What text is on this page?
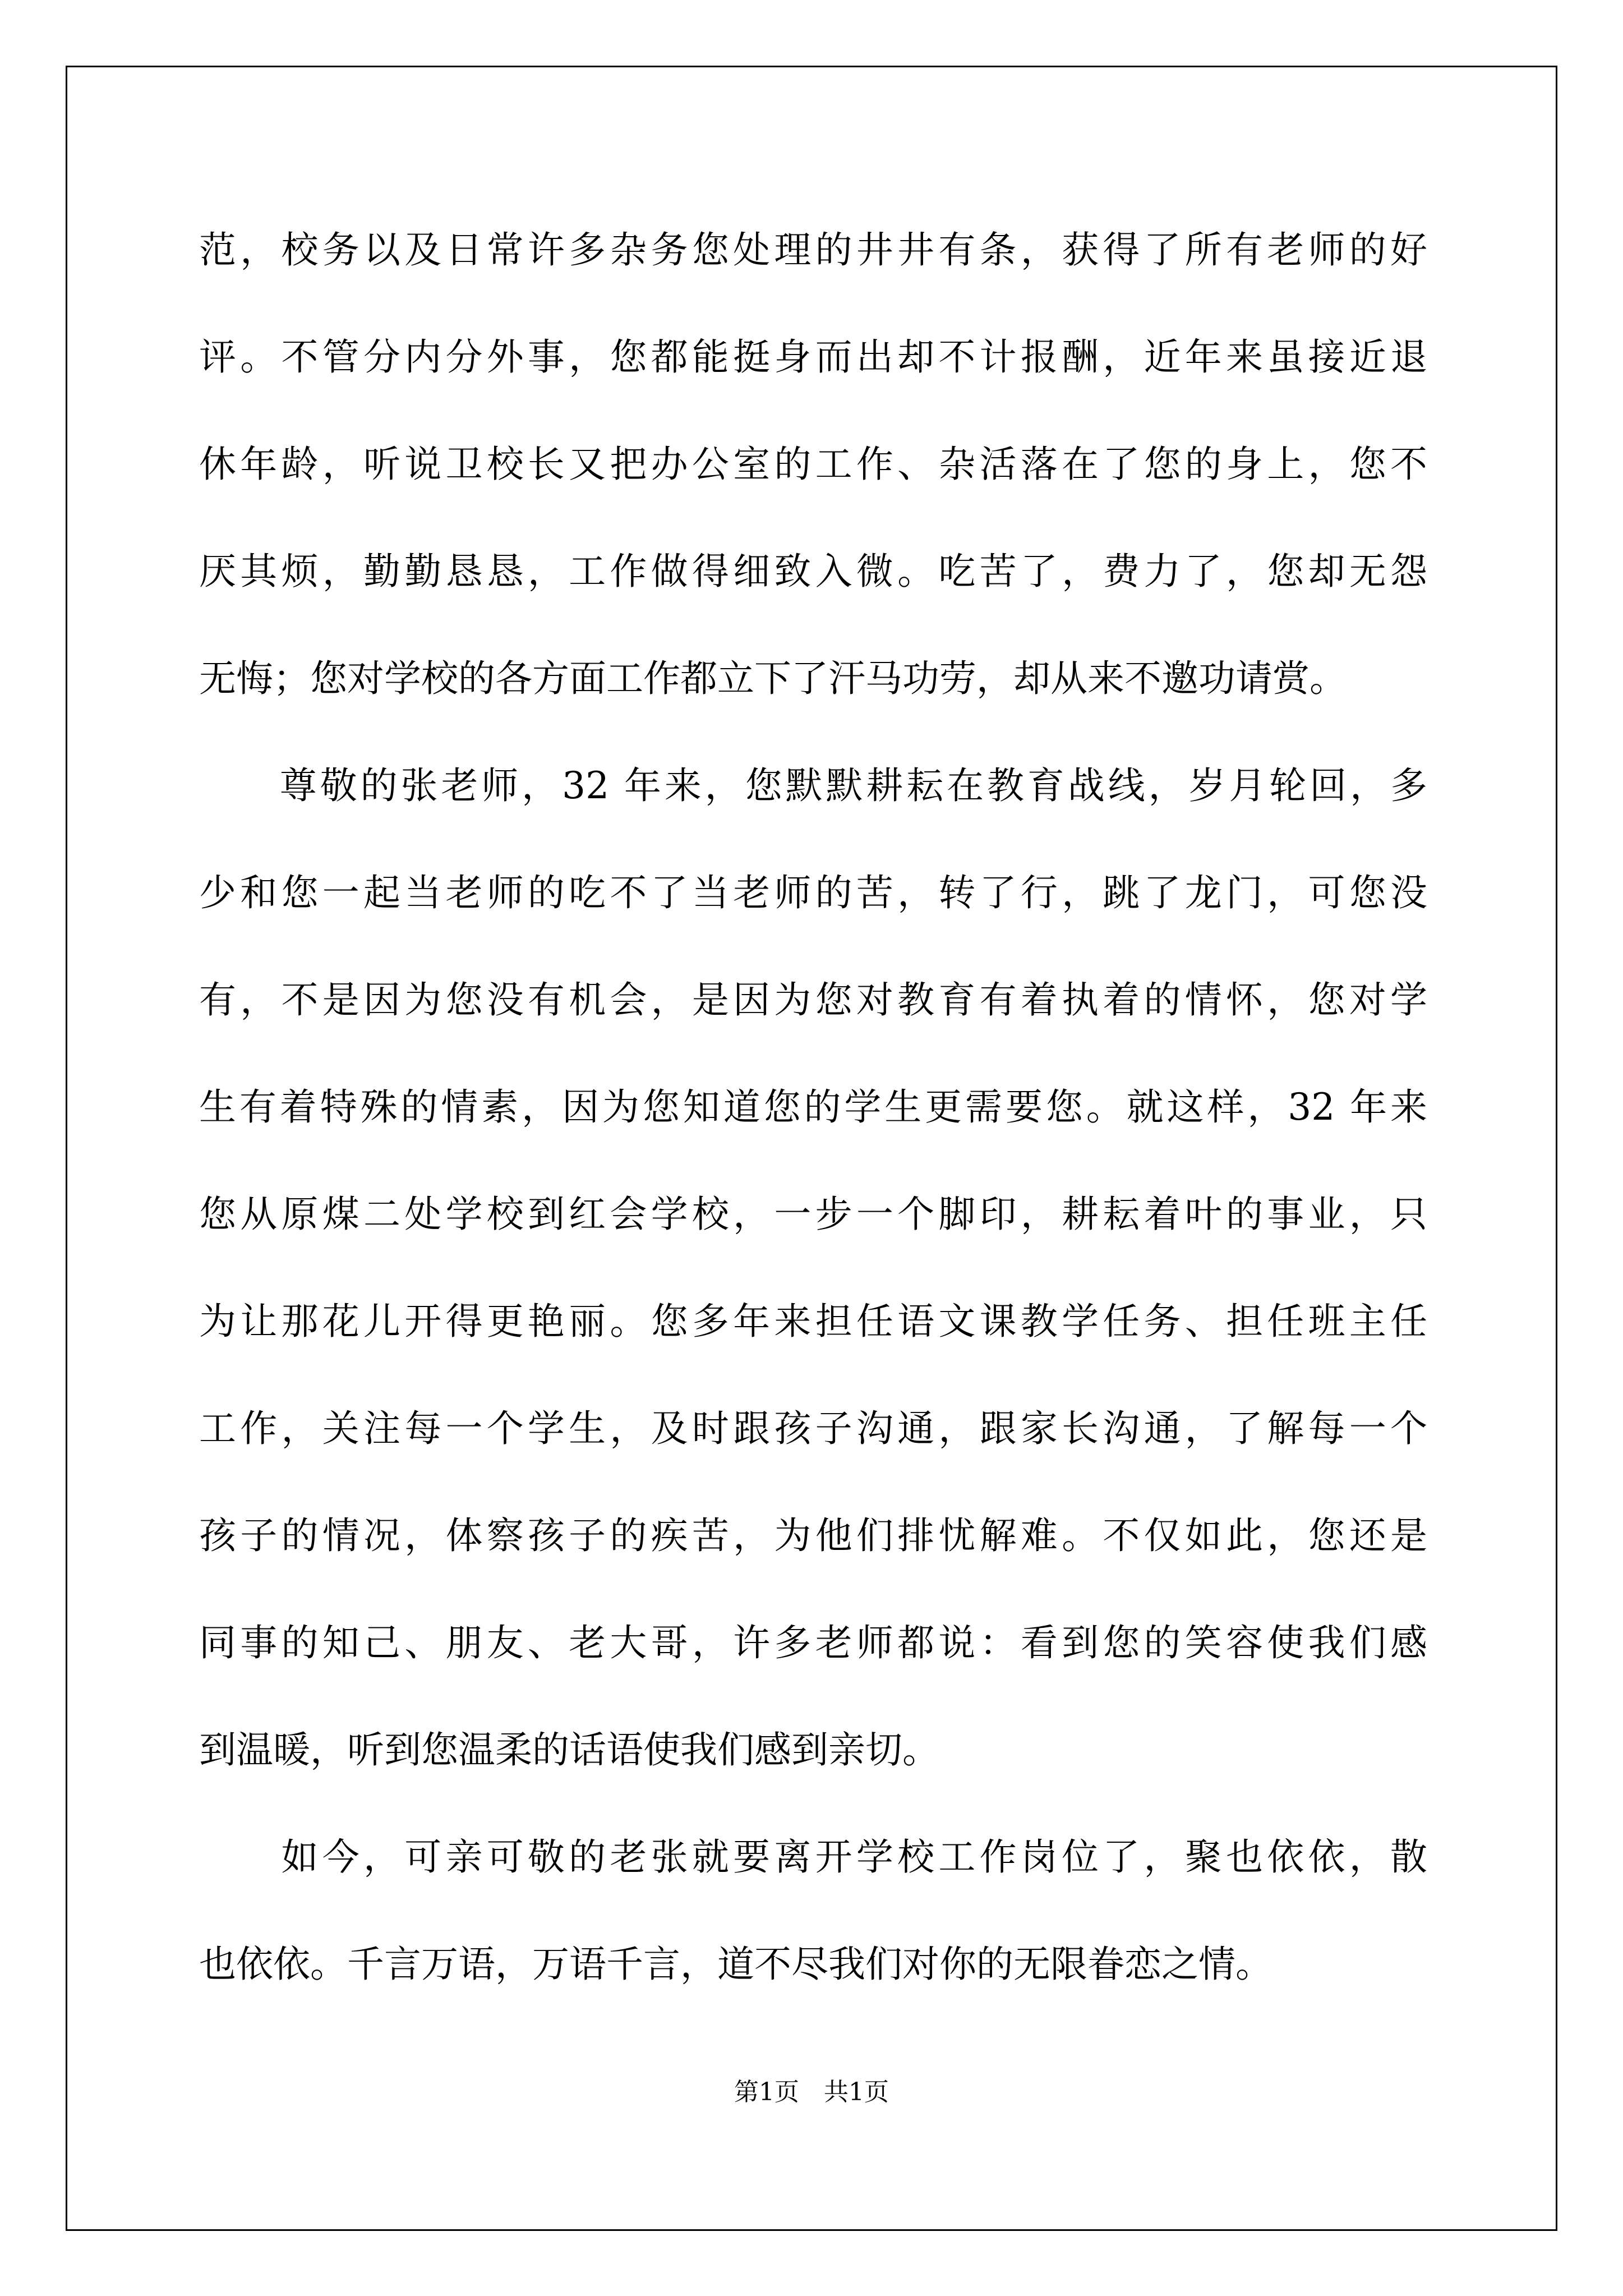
范，校务以及日常许多杂务您处理的井井有条，获得了所有老师的好
评。不管分内分外事，您都能挺身而出却不计报酬，近年来虽接近退
休年龄，听说卫校长又把办公室的工作、杂活落在了您的身上，您不
厌其烦，勤勤恳恳，工作做得细致入微。吃苦了，费力了，您却无怨
无悔；您对学校的各方面工作都立下了汗马功劳，却从来不邀功请赏。
　　尊敬的张老师，32 年来，您默默耕耘在教育战线，岁月轮回，多
少和您一起当老师的吃不了当老师的苦，转了行，跳了龙门，可您没
有，不是因为您没有机会，是因为您对教育有着执着的情怀，您对学
生有着特殊的情素，因为您知道您的学生更需要您。就这样，32 年来
您从原煤二处学校到红会学校，一步一个脚印，耕耘着叶的事业，只
为让那花儿开得更艳丽。您多年来担任语文课教学任务、担任班主任
工作，关注每一个学生，及时跟孩子沟通，跟家长沟通，了解每一个
孩子的情况，体察孩子的疾苦，为他们排忧解难。不仅如此，您还是
同事的知己、朋友、老大哥，许多老师都说：看到您的笑容使我们感
到温暖，听到您温柔的话语使我们感到亲切。
　　如今，可亲可敬的老张就要离开学校工作岗位了，聚也依依，散
也依依。千言万语，万语千言，道不尽我们对你的无限眷恋之情。
第1页　共1页
